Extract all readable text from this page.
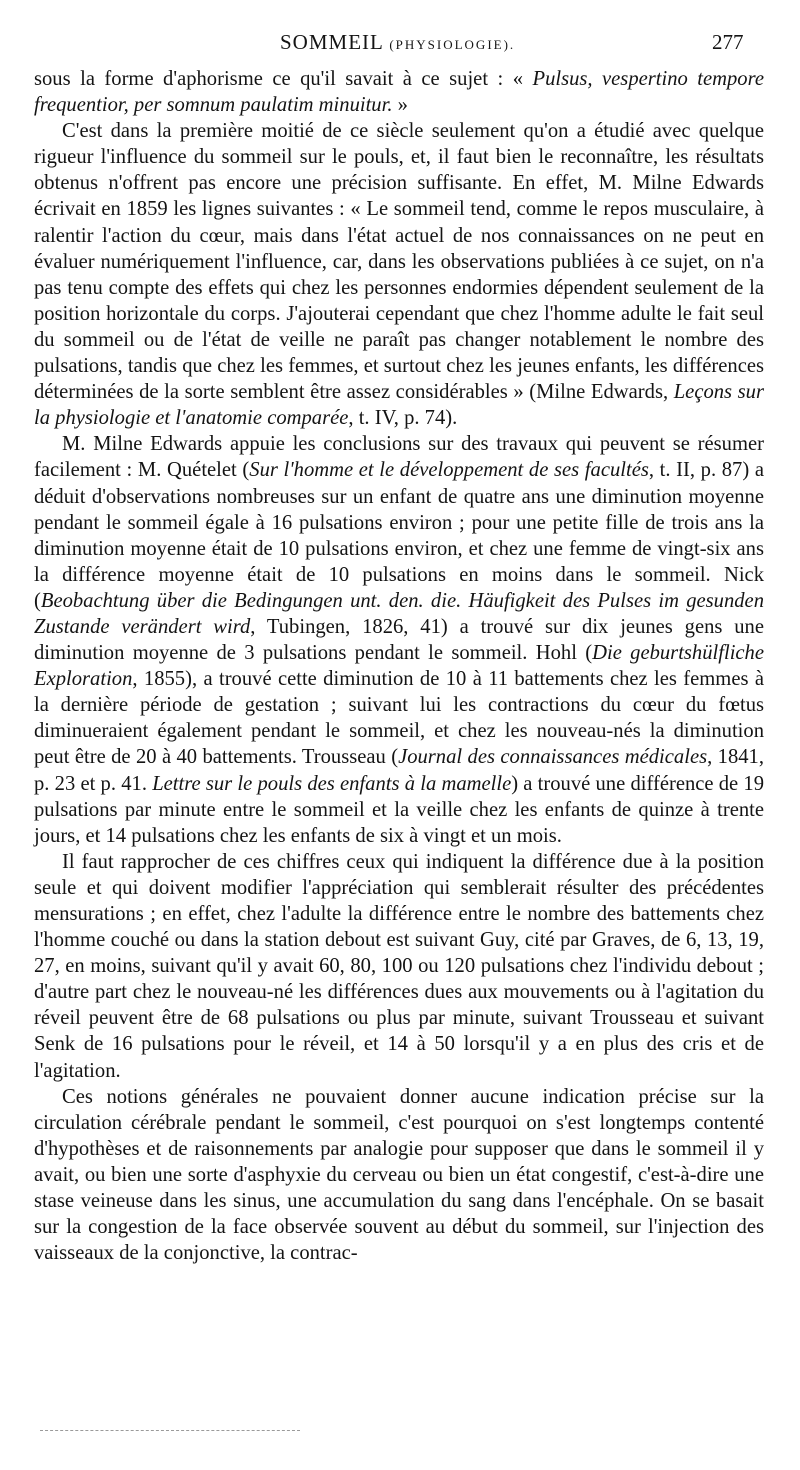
SOMMEIL (PHYSIOLOGIE).	277

sous la forme d'aphorisme ce qu'il savait à ce sujet : « Pulsus, vespertino tempore frequentior, per somnum paulatim minuitur. »

C'est dans la première moitié de ce siècle seulement qu'on a étudié avec quelque rigueur l'influence du sommeil sur le pouls, et, il faut bien le reconnaître, les résultats obtenus n'offrent pas encore une précision suffisante. En effet, M. Milne Edwards écrivait en 1859 les lignes suivantes : « Le sommeil tend, comme le repos musculaire, à ralentir l'action du cœur, mais dans l'état actuel de nos connaissances on ne peut en évaluer numériquement l'influence, car, dans les observations publiées à ce sujet, on n'a pas tenu compte des effets qui chez les personnes endormies dépendent seulement de la position horizontale du corps. J'ajouterai cependant que chez l'homme adulte le fait seul du sommeil ou de l'état de veille ne paraît pas changer notablement le nombre des pulsations, tandis que chez les femmes, et surtout chez les jeunes enfants, les différences déterminées de la sorte semblent être assez considérables » (Milne Edwards, Leçons sur la physiologie et l'anatomie comparée, t. IV, p. 74).

M. Milne Edwards appuie les conclusions sur des travaux qui peuvent se résumer facilement : M. Quételet (Sur l'homme et le développement de ses facultés, t. II, p. 87) a déduit d'observations nombreuses sur un enfant de quatre ans une diminution moyenne pendant le sommeil égale à 16 pulsations environ ; pour une petite fille de trois ans la diminution moyenne était de 10 pulsations environ, et chez une femme de vingt-six ans la différence moyenne était de 10 pulsations en moins dans le sommeil. Nick (Beobachtung über die Bedingungen unt. den. die. Häufigkeit des Pulses im gesunden Zustande veränd​ert wird, Tubingen, 1826, 41) a trouvé sur dix jeunes gens une diminution moyenne de 3 pulsations pendant le sommeil. Hohl (Die geburtshülfliche Exploration, 1855), a trouvé cette diminution de 10 à 11 battements chez les femmes à la dernière période de gestation ; suivant lui les contractions du cœur du fœtus diminueraient également pendant le sommeil, et chez les nouveau-nés la diminution peut être de 20 à 40 battements. Trousseau (Journal des connaissances médicales, 1841, p. 23 et p. 41. Lettre sur le pouls des enfants à la mamelle) a trouvé une différence de 19 pulsations par minute entre le sommeil et la veille chez les enfants de quinze à trente jours, et 14 pulsations chez les enfants de six à vingt et un mois.

Il faut rapprocher de ces chiffres ceux qui indiquent la différence due à la position seule et qui doivent modifier l'appréciation qui semblerait résulter des précédentes mensurations ; en effet, chez l'adulte la différence entre le nombre des battements chez l'homme couché ou dans la station debout est suivant Guy, cité par Graves, de 6, 13, 19, 27, en moins, suivant qu'il y avait 60, 80, 100 ou 120 pulsations chez l'individu debout ; d'autre part chez le nouveau-né les différences dues aux mouvements ou à l'agitation du réveil peuvent être de 68 pulsations ou plus par minute, suivant Trousseau et suivant Senk de 16 pulsations pour le réveil, et 14 à 50 lorsqu'il y a en plus des cris et de l'agitation.

Ces notions générales ne pouvaient donner aucune indication précise sur la circulation cérébrale pendant le sommeil, c'est pourquoi on s'est longtemps contenté d'hypothèses et de raisonnements par analogie pour supposer que dans le sommeil il y avait, ou bien une sorte d'asphyxie du cerveau ou bien un état congestif, c'est-à-dire une stase veineuse dans les sinus, une accumulation du sang dans l'encéphale. On se basait sur la congestion de la face observée souvent au début du sommeil, sur l'injection des vaisseaux de la conjonctive, la contrac-
